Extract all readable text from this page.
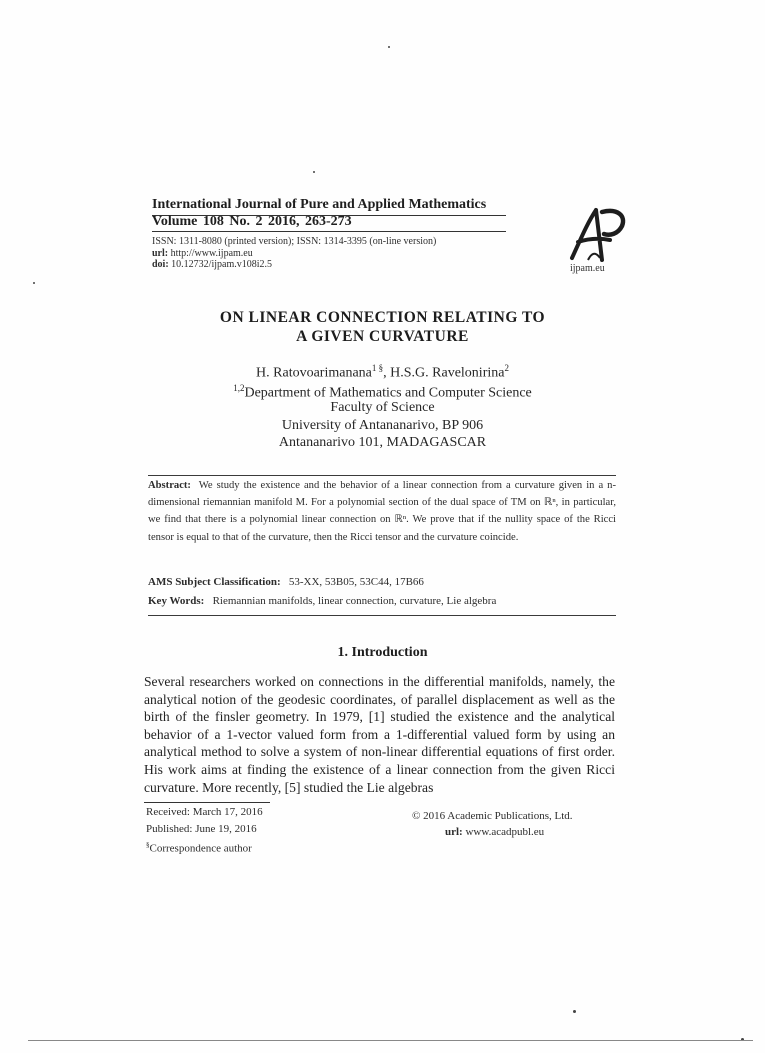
International Journal of Pure and Applied Mathematics
Volume 108 No. 2 2016, 263-273
ISSN: 1311-8080 (printed version); ISSN: 1314-3395 (on-line version)
url: http://www.ijpam.eu
doi: 10.12732/ijpam.v108i2.5	ijpam.eu
ON LINEAR CONNECTION RELATING TO
A GIVEN CURVATURE
H. Ratovoarimanana$^{1 \S}$, H.S.G. Ravelonirina$^2$
$^{1,2}$Department of Mathematics and Computer Science
Faculty of Science
University of Antananarivo, BP 906
Antananarivo 101, MADAGASCAR
Abstract: We study the existence and the behavior of a linear connection from a curvature given in a n-dimensional riemannian manifold M. For a polynomial section of the dual space of TM on ℝⁿ, in particular, we find that there is a polynomial linear connection on ℝⁿ. We prove that if the nullity space of the Ricci tensor is equal to that of the curvature, then the Ricci tensor and the curvature coincide.
AMS Subject Classification: 53-XX, 53B05, 53C44, 17B66
Key Words: Riemannian manifolds, linear connection, curvature, Lie algebra
1. Introduction
Several researchers worked on connections in the differential manifolds, namely, the analytical notion of the geodesic coordinates, of parallel displacement as well as the birth of the finsler geometry. In 1979, [1] studied the existence and the analytical behavior of a 1-vector valued form from a 1-differential valued form by using an analytical method to solve a system of non-linear differential equations of first order. His work aims at finding the existence of a linear connection from the given Ricci curvature. More recently, [5] studied the Lie algebras
Received: March 17, 2016
Published: June 19, 2016
§Correspondence author
© 2016 Academic Publications, Ltd.
url: www.acadpubl.eu
